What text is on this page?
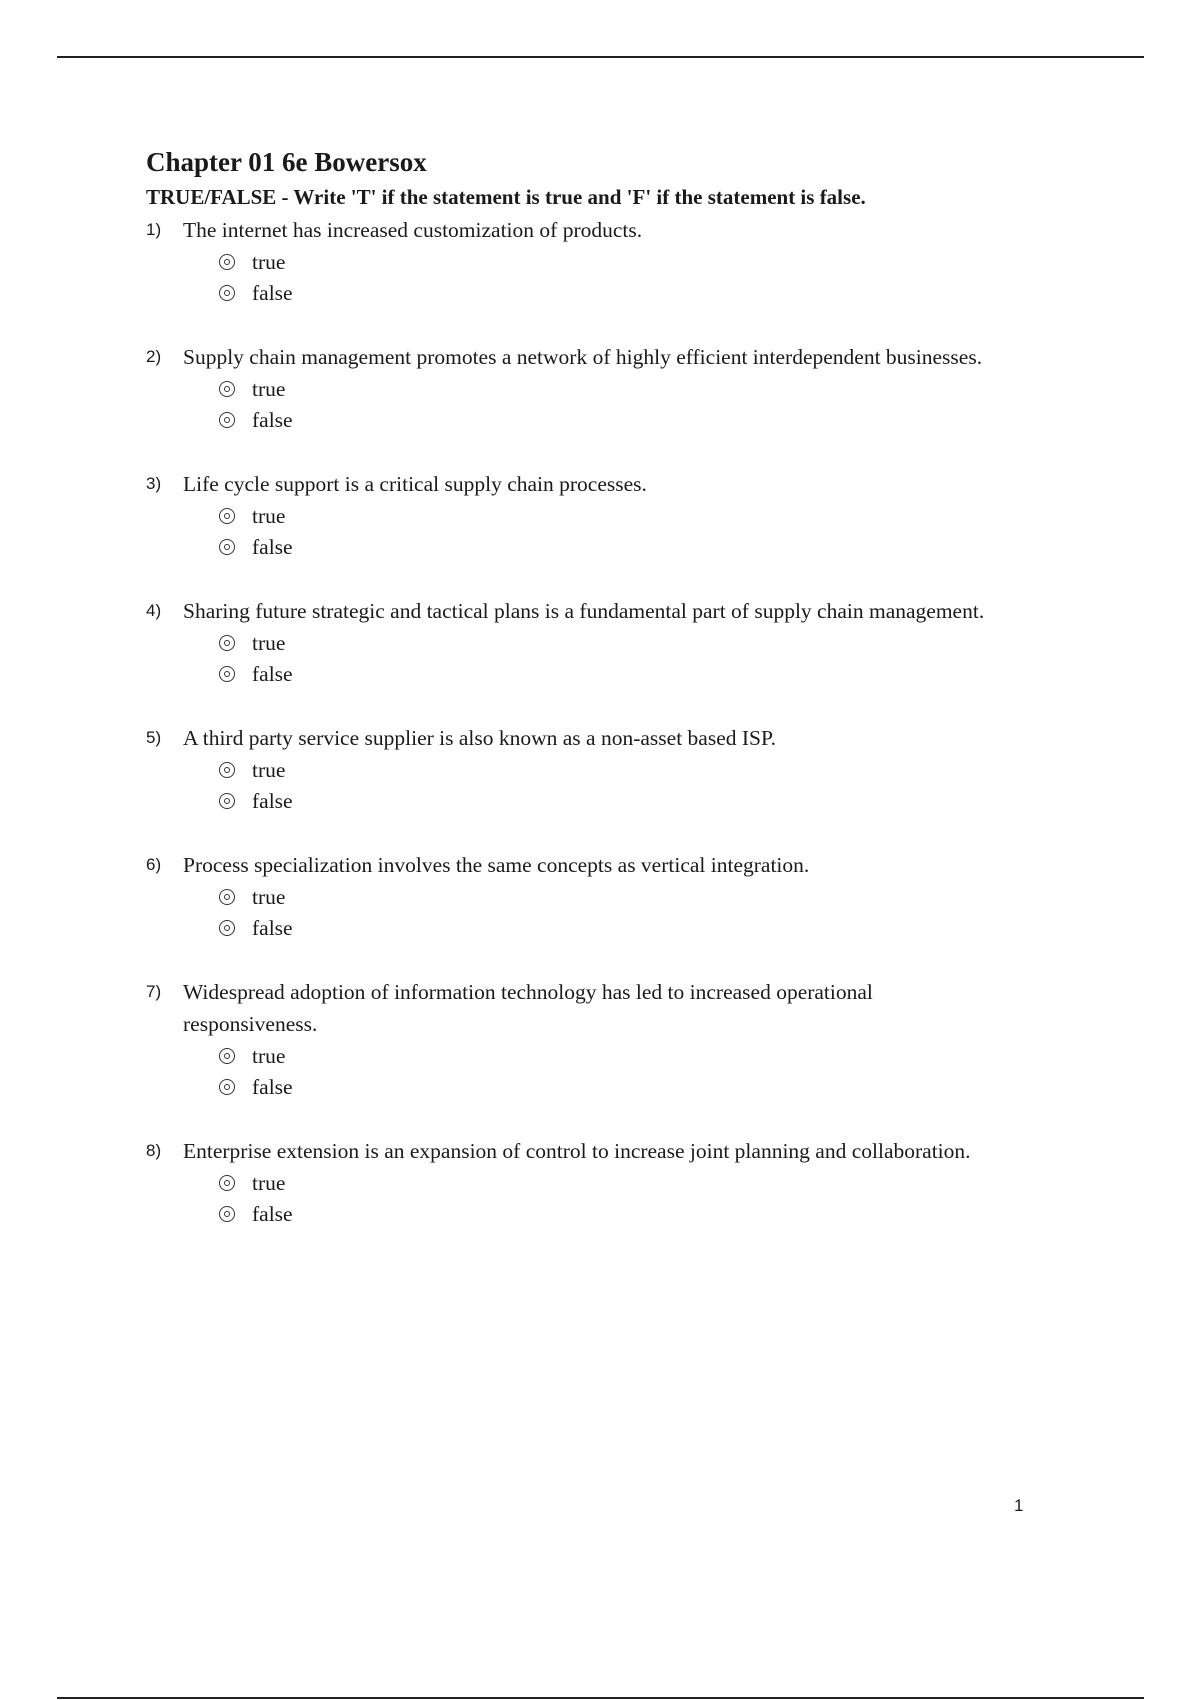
Chapter 01 6e Bowersox

TRUE/FALSE - Write 'T' if the statement is true and 'F' if the statement is false.

1)	The internet has increased customization of products.
true
false
2)	Supply chain management promotes a network of highly efficient interdependent businesses.
true
false
3)	Life cycle support is a critical supply chain processes.
true
false
4)	Sharing future strategic and tactical plans is a fundamental part of supply chain management.
true
false
5)	A third party service supplier is also known as a non-asset based ISP.
true
false
6)	Process specialization involves the same concepts as vertical integration.
true
false
7)	Widespread adoption of information technology has led to increased operational responsiveness.
true
false
8)	Enterprise extension is an expansion of control to increase joint planning and collaboration.
true
false
1
